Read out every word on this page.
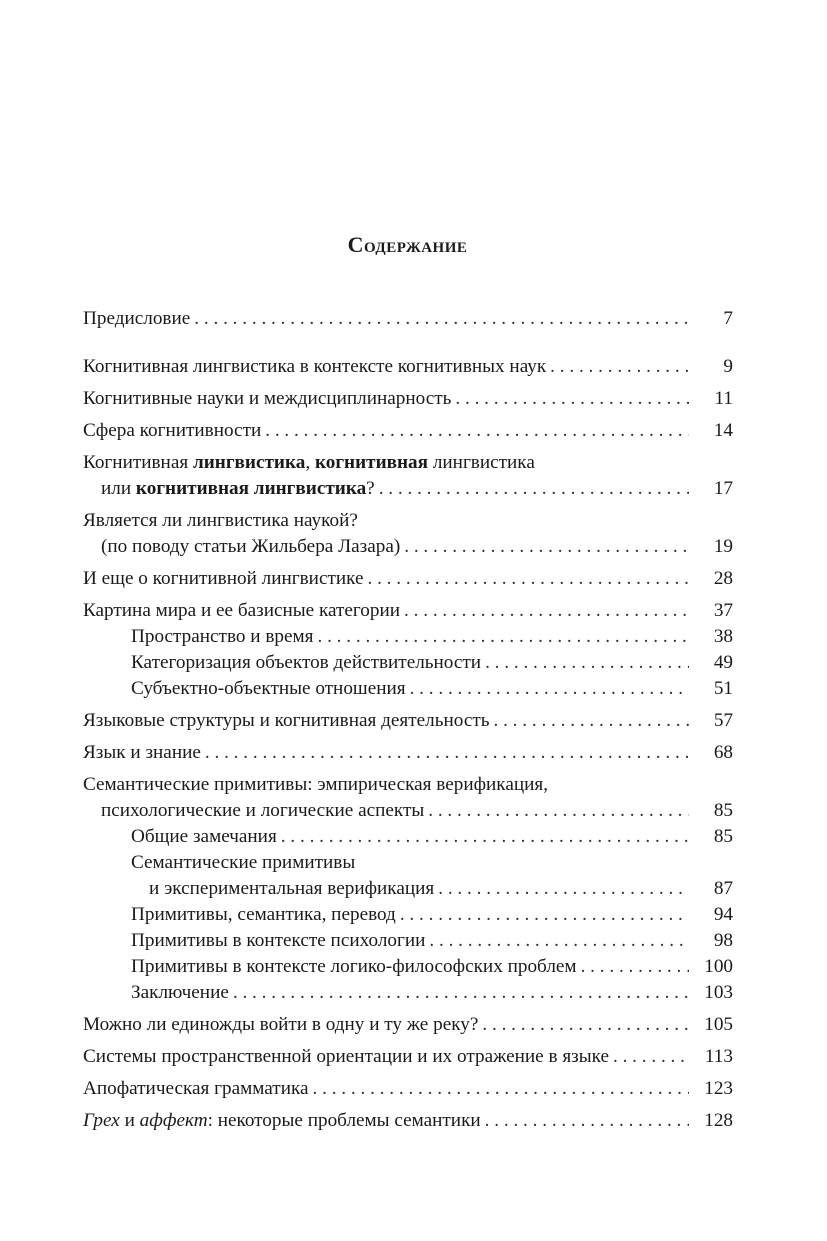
Содержание
Предисловие . . .	7
Когнитивная лингвистика в контексте когнитивных наук . . .	9
Когнитивные науки и междисциплинарность . . .	11
Сфера когнитивности . . .	14
Когнитивная лингвистика, когнитивная лингвистика
или когнитивная лингвистика? . . .	17
Является ли лингвистика наукой?
(по поводу статьи Жильбера Лазара) . . .	19
И еще о когнитивной лингвистике . . .	28
Картина мира и ее базисные категории . . .	37
Пространство и время . . .	38
Категоризация объектов действительности . . .	49
Субъектно-объектные отношения . . .	51
Языковые структуры и когнитивная деятельность . . .	57
Язык и знание . . .	68
Семантические примитивы: эмпирическая верификация,
психологические и логические аспекты . . .	85
Общие замечания . . .	85
Семантические примитивы
и экспериментальная верификация . . .	87
Примитивы, семантика, перевод . . .	94
Примитивы в контексте психологии . . .	98
Примитивы в контексте логико-философских проблем . . .	100
Заключение . . .	103
Можно ли единожды войти в одну и ту же реку? . . .	105
Системы пространственной ориентации и их отражение в языке . . .	113
Апофатическая грамматика . . .	123
Грех и аффект: некоторые проблемы семантики . . .	128
